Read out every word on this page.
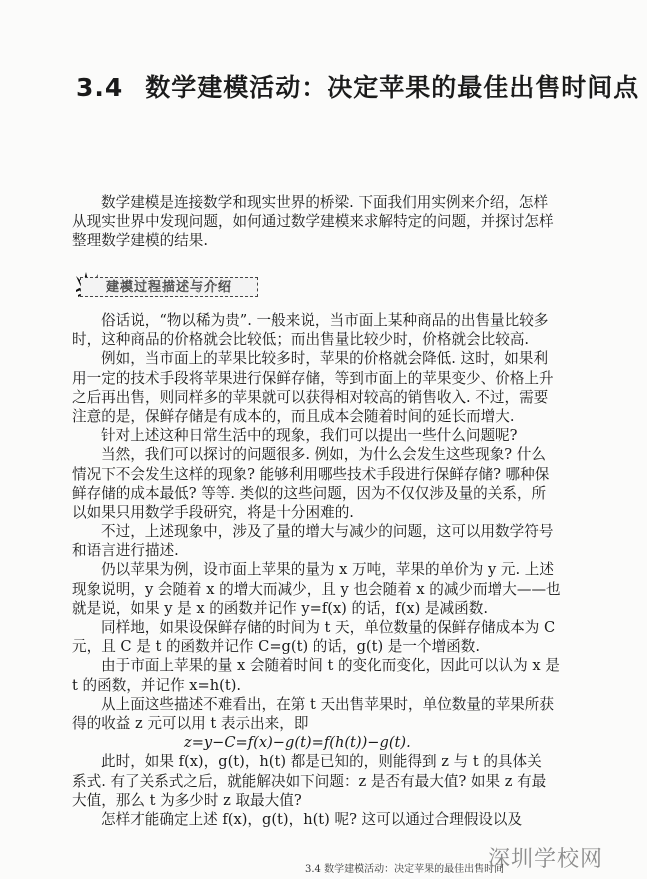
3.4 数学建模活动：决定苹果的最佳出售时间点
数学建模是连接数学和现实世界的桥梁. 下面我们用实例来介绍，怎样
从现实世界中发现问题，如何通过数学建模来求解特定的问题，并探讨怎样
整理数学建模的结果.
建模过程描述与介绍
俗话说，“物以稀为贵”. 一般来说，当市面上某种商品的出售量比较多
时，这种商品的价格就会比较低；而出售量比较少时，价格就会比较高.
例如，当市面上的苹果比较多时，苹果的价格就会降低. 这时，如果利
用一定的技术手段将苹果进行保鲜存储，等到市面上的苹果变少、价格上升
之后再出售，则同样多的苹果就可以获得相对较高的销售收入. 不过，需要
注意的是，保鲜存储是有成本的，而且成本会随着时间的延长而增大.
针对上述这种日常生活中的现象，我们可以提出一些什么问题呢?
当然，我们可以探讨的问题很多. 例如，为什么会发生这些现象? 什么
情况下不会发生这样的现象? 能够利用哪些技术手段进行保鲜存储? 哪种保
鲜存储的成本最低? 等等. 类似的这些问题，因为不仅仅涉及量的关系，所
以如果只用数学手段研究，将是十分困难的.
不过，上述现象中，涉及了量的增大与减少的问题，这可以用数学符号
和语言进行描述.
仍以苹果为例，设市面上苹果的量为 x 万吨，苹果的单价为 y 元. 上述
现象说明，y 会随着 x 的增大而减少，且 y 也会随着 x 的减少而增大——也
就是说，如果 y 是 x 的函数并记作 y=f(x) 的话，f(x) 是减函数.
同样地，如果设保鲜存储的时间为 t 天，单位数量的保鲜存储成本为 C
元，且 C 是 t 的函数并记作 C=g(t) 的话，g(t) 是一个增函数.
由于市面上苹果的量 x 会随着时间 t 的变化而变化，因此可以认为 x 是
t 的函数，并记作 x=h(t).
从上面这些描述不难看出，在第 t 天出售苹果时，单位数量的苹果所获
得的收益 z 元可以用 t 表示出来，即
z=y−C=f(x)−g(t)=f(h(t))−g(t).
此时，如果 f(x)，g(t)，h(t) 都是已知的，则能得到 z 与 t 的具体关
系式. 有了关系式之后，就能解决如下问题：z 是否有最大值? 如果 z 有最
大值，那么 t 为多少时 z 取最大值?
怎样才能确定上述 f(x)，g(t)，h(t) 呢? 这可以通过合理假设以及
3.4 数学建模活动：决定苹果的最佳出售时间
深圳学校网
